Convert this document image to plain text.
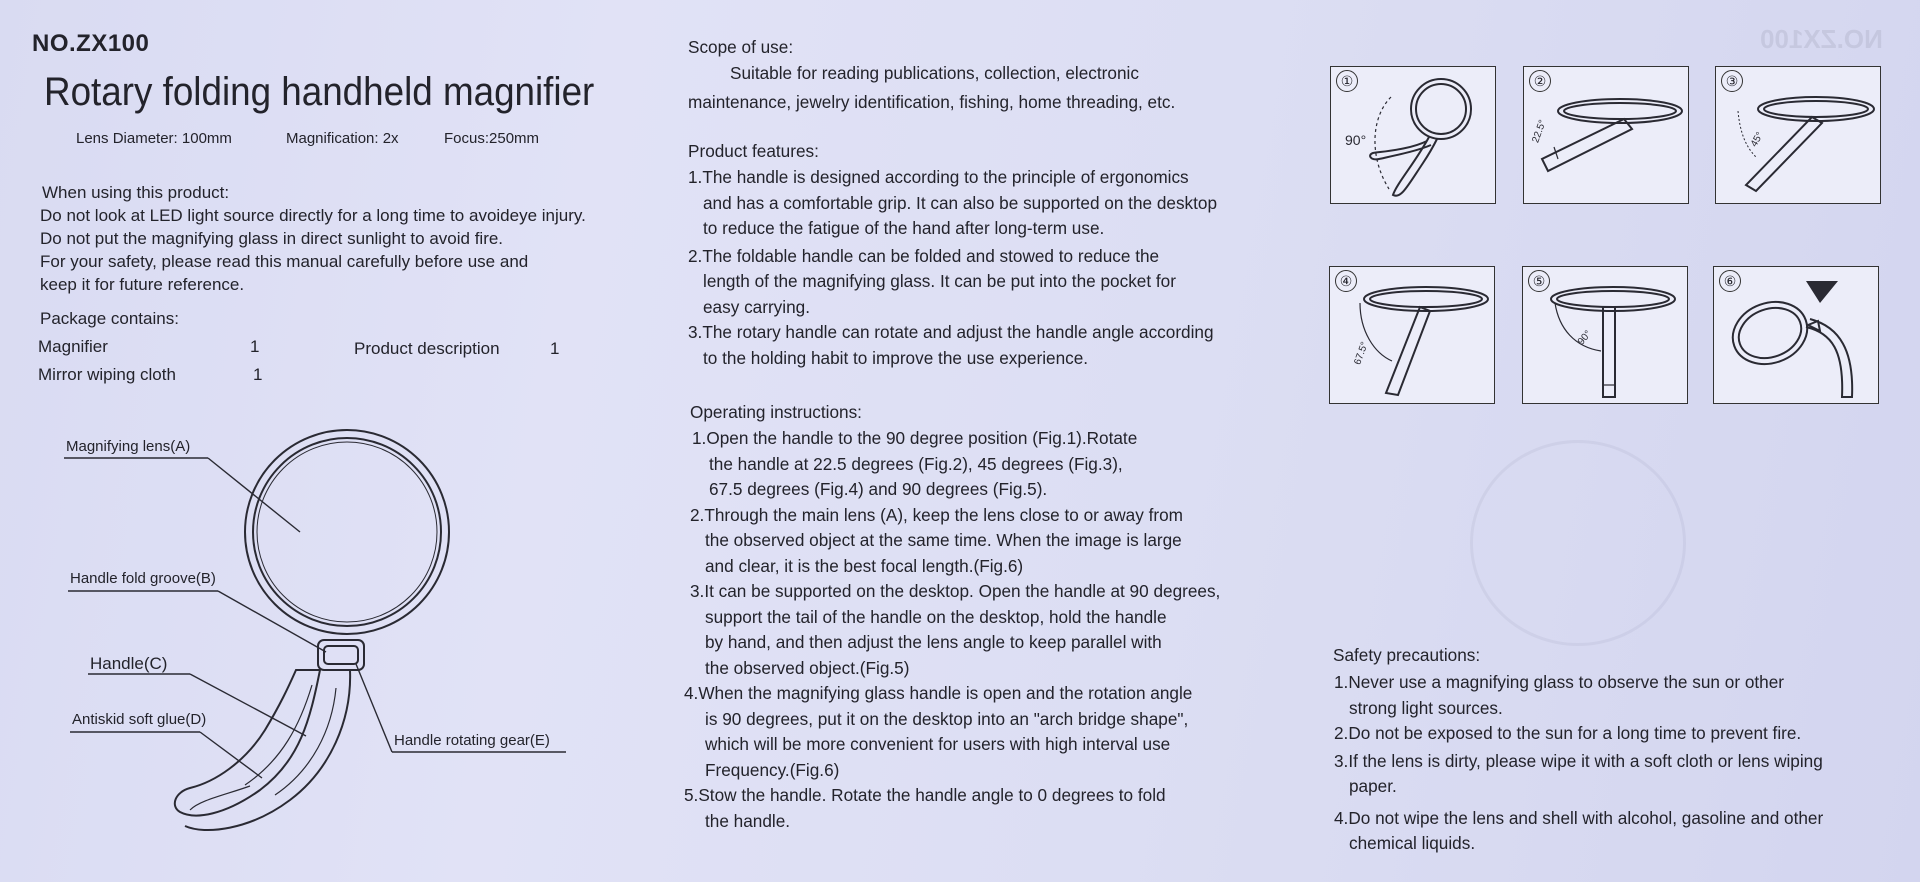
NO.ZX100
NO.ZX100
Rotary folding handheld magnifier
Lens Diameter: 100mm	Magnification: 2x	Focus:250mm
When using this product:
Do not look at LED light source directly for a long time to avoideye injury.
Do not put the magnifying glass in direct sunlight to avoid fire.
For your safety, please read this manual carefully before use and
keep it for future reference.
Package contains:
Magnifier	1
Mirror wiping cloth	1
Product description	1
Magnifying lens(A)
Handle fold groove(B)
Handle(C)
Antiskid soft glue(D)
Handle rotating gear(E)
Scope of use:
Suitable for reading publications, collection, electronic
maintenance, jewelry identification, fishing, home threading, etc.
Product features:
1.The handle is designed according to the principle of ergonomics
and has a comfortable grip. It can also be supported on the desktop
to reduce the fatigue of the hand after long-term use.
2.The foldable handle can be folded and stowed to reduce the
length of the magnifying glass. It can be put into the pocket for
easy carrying.
3.The rotary handle can rotate and adjust the handle angle according
to the holding habit to improve the use experience.
Operating instructions:
1.Open the handle to the 90 degree position (Fig.1).Rotate
the handle at 22.5 degrees (Fig.2), 45 degrees (Fig.3),
67.5 degrees (Fig.4) and 90 degrees (Fig.5).
2.Through the main lens (A), keep the lens close to or away from
the observed object at the same time. When the image is large
and clear, it is the best focal length.(Fig.6)
3.It can be supported on the desktop. Open the handle at 90 degrees,
support the tail of the handle on the desktop, hold the handle
by hand, and then adjust the lens angle to keep parallel with
the observed object.(Fig.5)
4.When the magnifying glass handle is open and the rotation angle
is 90 degrees, put it on the desktop into an "arch bridge shape",
which will be more convenient for users with high interval use
Frequency.(Fig.6)
5.Stow the handle. Rotate the handle angle to 0 degrees to fold
the handle.
①
90°
②
22.5°
③
45°
④
67.5°
⑤
90°
⑥
Safety precautions:
1.Never use a magnifying glass to observe the sun or other
strong light sources.
2.Do not be exposed to the sun for a long time to prevent fire.
3.If the lens is dirty, please wipe it with a soft cloth or lens wiping
paper.
4.Do not wipe the lens and shell with alcohol, gasoline and other
chemical liquids.
